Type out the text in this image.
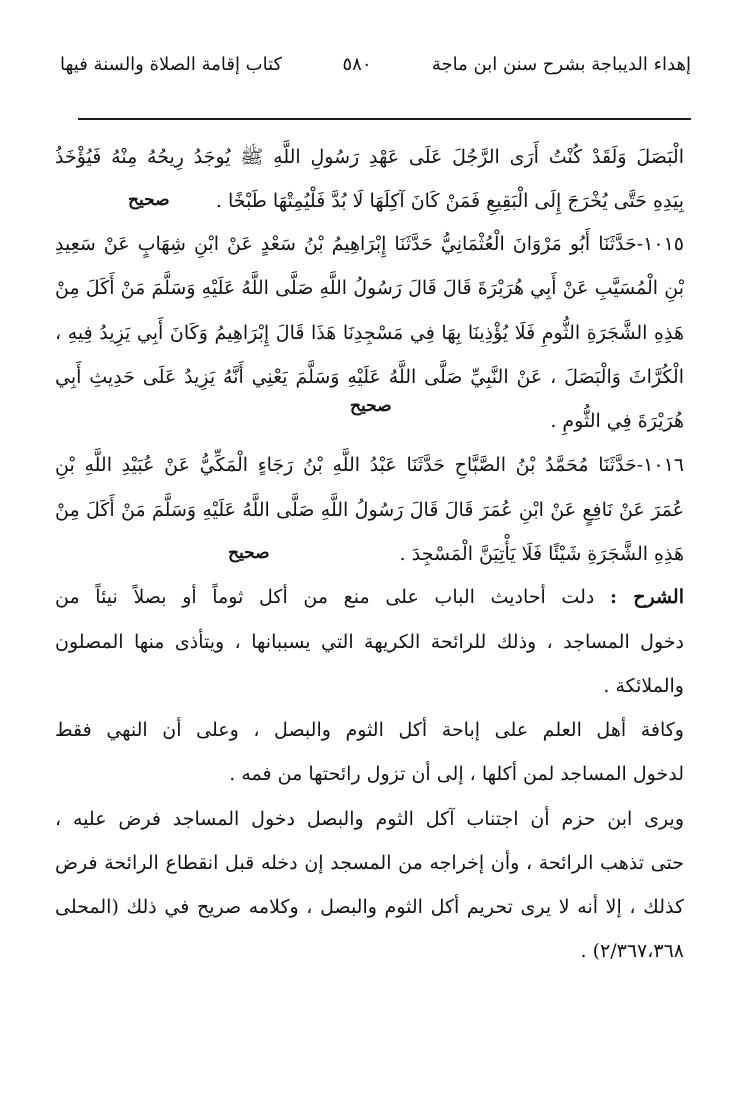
إهداء الديباجة بشرح سنن ابن ماجة
٥٨٠
كتاب إقامة الصلاة والسنة فيها
الْبَصَلَ وَلَقَدْ كُنْتُ أَرَى الرَّجُلَ عَلَى عَهْدِ رَسُولِ اللَّهِ ﷺ يُوجَدُ رِيحُهُ مِنْهُ فَيُؤْخَذُ
بِيَدِهِ حَتَّى يُخْرَجَ إِلَى الْبَقِيعِ فَمَنْ كَانَ آكِلَهَا لَا بُدَّ فَلْيُمِتْهَا طَبْخًا .
صحيح
١٠١٥-حَدَّثَنَا أَبُو مَرْوَانَ الْعُثْمَانِيُّ حَدَّثَنَا إِبْرَاهِيمُ بْنُ سَعْدٍ عَنْ ابْنِ شِهَابٍ عَنْ سَعِيدِ
بْنِ الْمُسَيَّبِ عَنْ أَبِي هُرَيْرَةَ قَالَ قَالَ رَسُولُ اللَّهِ صَلَّى اللَّهُ عَلَيْهِ وَسَلَّمَ مَنْ أَكَلَ مِنْ
هَذِهِ الشَّجَرَةِ الثُّومِ فَلَا يُؤْذِينَا بِهَا فِي مَسْجِدِنَا هَذَا قَالَ إِبْرَاهِيمُ وَكَانَ أَبِي يَزِيدُ فِيهِ ،
الْكُرَّاثَ وَالْبَصَلَ ، عَنْ النَّبِيِّ صَلَّى اللَّهُ عَلَيْهِ وَسَلَّمَ يَعْنِي أَنَّهُ يَزِيدُ عَلَى حَدِيثِ أَبِي
هُرَيْرَةَ فِي الثُّومِ .
صحيح
١٠١٦-حَدَّثَنَا مُحَمَّدُ بْنُ الصَّبَّاحِ حَدَّثَنَا عَبْدُ اللَّهِ بْنُ رَجَاءٍ الْمَكِّيُّ عَنْ عُبَيْدِ اللَّهِ بْنِ
عُمَرَ عَنْ نَافِعٍ عَنْ ابْنِ عُمَرَ قَالَ قَالَ رَسُولُ اللَّهِ صَلَّى اللَّهُ عَلَيْهِ وَسَلَّمَ مَنْ أَكَلَ مِنْ
هَذِهِ الشَّجَرَةِ شَيْئًا فَلَا يَأْتِيَنَّ الْمَسْجِدَ .
صحيح
الشرح : دلت أحاديث الباب على منع من أكل ثوماً أو بصلاً نيئاً من
دخول المساجد ، وذلك للرائحة الكريهة التي يسببانها ، ويتأذى منها المصلون
والملائكة .
وكافة أهل العلم على إباحة أكل الثوم والبصل ، وعلى أن النهي فقط
لدخول المساجد لمن أكلها ، إلى أن تزول رائحتها من فمه .
ويرى ابن حزم أن اجتناب آكل الثوم والبصل دخول المساجد فرض عليه ،
حتى تذهب الرائحة ، وأن إخراجه من المسجد إن دخله قبل انقطاع الرائحة فرض
كذلك ، إلا أنه لا يرى تحريم أكل الثوم والبصل ، وكلامه صريح في ذلك (المحلى
٢/٣٦٧،٣٦٨) .
